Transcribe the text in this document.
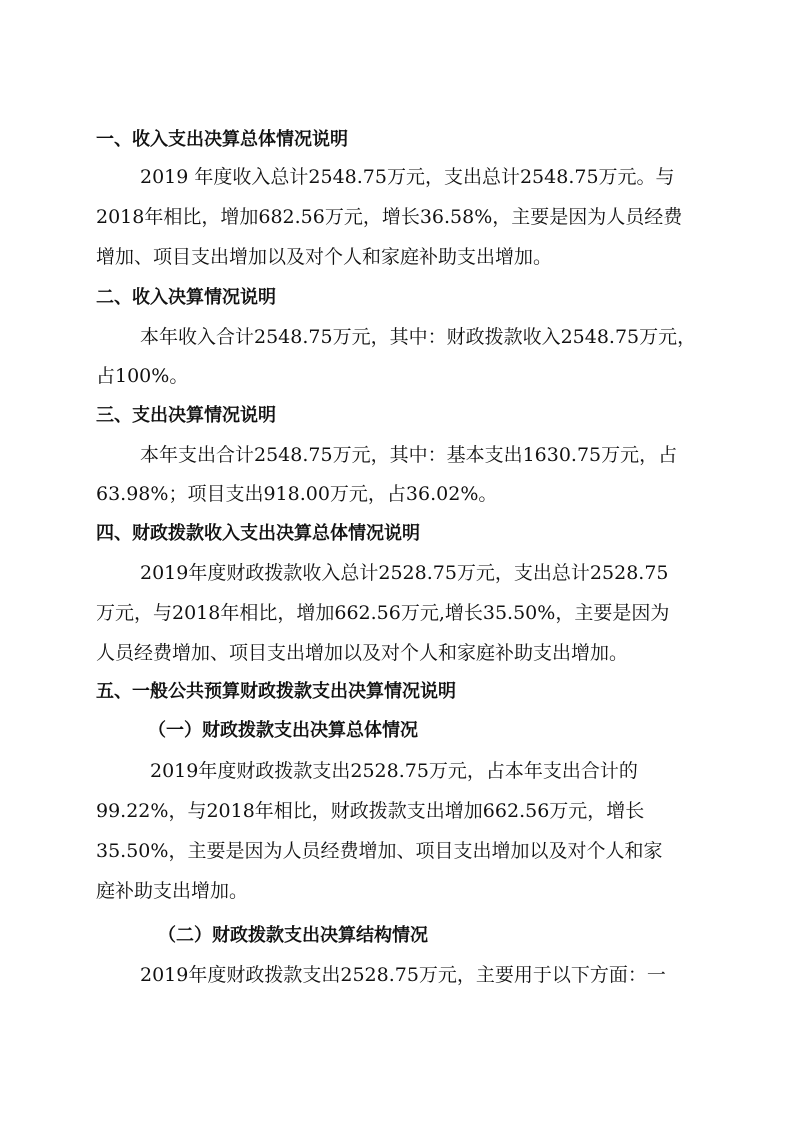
一、收入支出决算总体情况说明
2019 年度收入总计2548.75万元，支出总计2548.75万元。与
2018年相比，增加682.56万元，增长36.58%，主要是因为人员经费
增加、项目支出增加以及对个人和家庭补助支出增加。
二、收入决算情况说明
本年收入合计2548.75万元，其中：财政拨款收入2548.75万元，
占100%。
三、支出决算情况说明
本年支出合计2548.75万元，其中：基本支出1630.75万元，占
63.98%；项目支出918.00万元，占36.02%。
四、财政拨款收入支出决算总体情况说明
2019年度财政拨款收入总计2528.75万元，支出总计2528.75
万元，与2018年相比，增加662.56万元,增长35.50%，主要是因为
人员经费增加、项目支出增加以及对个人和家庭补助支出增加。
五、一般公共预算财政拨款支出决算情况说明
（一）财政拨款支出决算总体情况
2019年度财政拨款支出2528.75万元，占本年支出合计的
99.22%，与2018年相比，财政拨款支出增加662.56万元，增长
35.50%，主要是因为人员经费增加、项目支出增加以及对个人和家
庭补助支出增加。
（二）财政拨款支出决算结构情况
2019年度财政拨款支出2528.75万元，主要用于以下方面：一
